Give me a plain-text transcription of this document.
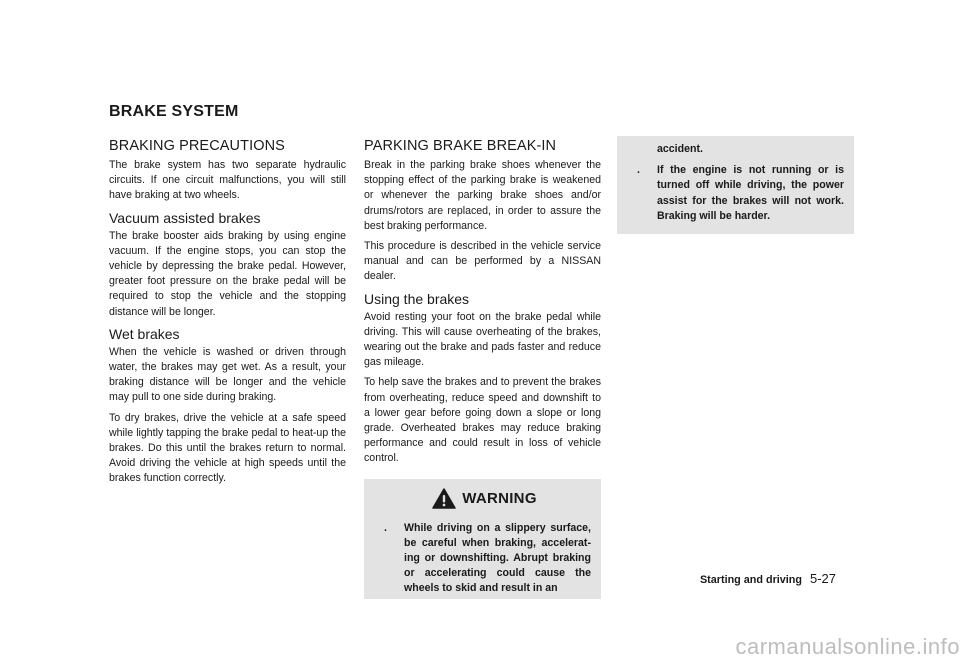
BRAKE SYSTEM
BRAKING PRECAUTIONS

The brake system has two separate hydraulic circuits. If one circuit malfunctions, you will still have braking at two wheels.

Vacuum assisted brakes

The brake booster aids braking by using engine vacuum. If the engine stops, you can stop the vehicle by depressing the brake pedal. However, greater foot pressure on the brake pedal will be required to stop the vehicle and the stopping distance will be longer.

Wet brakes

When the vehicle is washed or driven through water, the brakes may get wet. As a result, your braking distance will be longer and the vehicle may pull to one side during braking.

To dry brakes, drive the vehicle at a safe speed while lightly tapping the brake pedal to heat-up the brakes. Do this until the brakes return to normal. Avoid driving the vehicle at high speeds until the brakes function correctly.

PARKING BRAKE BREAK-IN

Break in the parking brake shoes whenever the stopping effect of the parking brake is weakened or whenever the parking brake shoes and/or drums/rotors are replaced, in order to assure the best braking performance.

This procedure is described in the vehicle service manual and can be performed by a NISSAN dealer.

Using the brakes

Avoid resting your foot on the brake pedal while driving. This will cause overheating of the brakes, wearing out the brake and pads faster and reduce gas mileage.

To help save the brakes and to prevent the brakes from overheating, reduce speed and downshift to a lower gear before going down a slope or long grade. Overheated brakes may reduce braking performance and could result in loss of vehicle control.

WARNING
. While driving on a slippery surface, be careful when braking, accelerat-ing or downshifting. Abrupt braking or accelerating could cause the wheels to skid and result in an
accident.
. If the engine is not running or is turned off while driving, the power assist for the brakes will not work. Braking will be harder.
Starting and driving 5-27
carmanualsonline.info
